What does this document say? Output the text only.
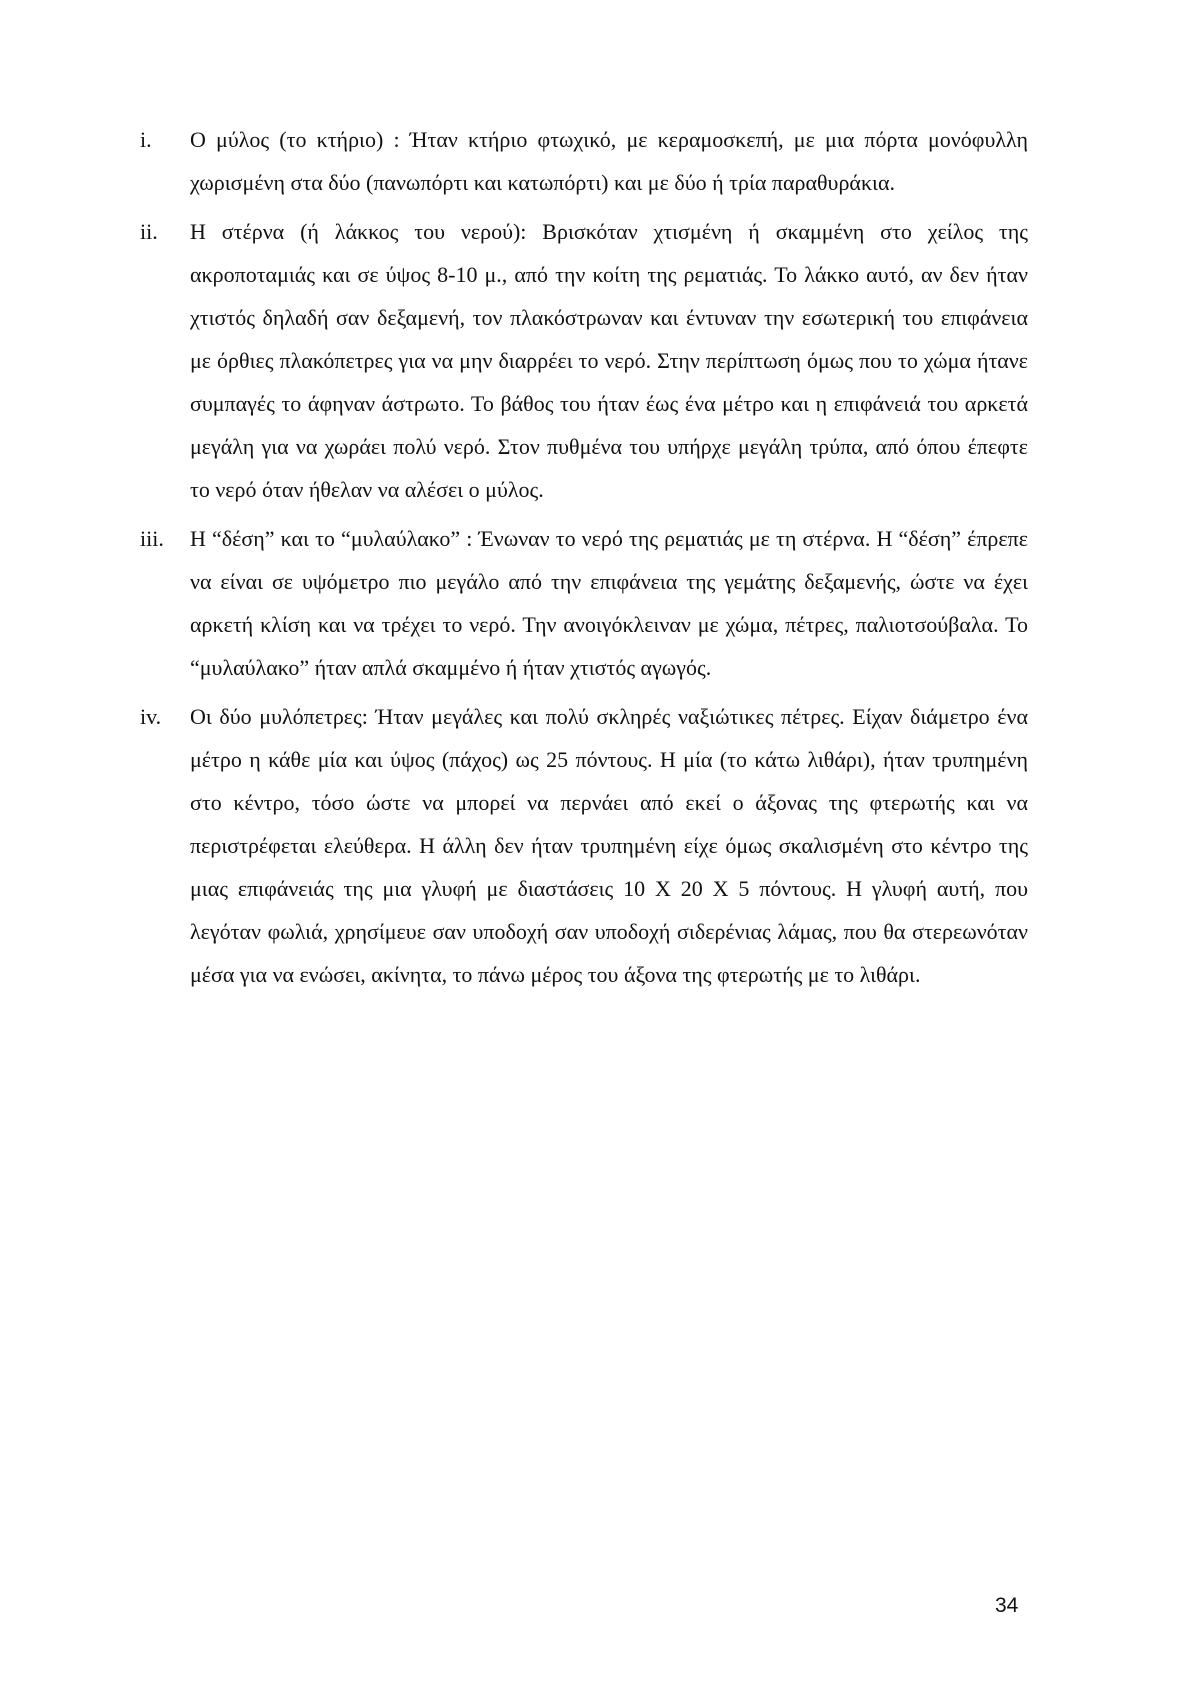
i. Ο μύλος (το κτήριο) : Ήταν κτήριο φτωχικό, με κεραμοσκεπή, με μια πόρτα μονόφυλλη χωρισμένη στα δύο (πανωπόρτι και κατωπόρτι) και με δύο ή τρία παραθυράκια.

ii. Η στέρνα (ή λάκκος του νερού): Βρισκόταν χτισμένη ή σκαμμένη στο χείλος της ακροποταμιάς και σε ύψος 8-10 μ., από την κοίτη της ρεματιάς. Το λάκκο αυτό, αν δεν ήταν χτιστός δηλαδή σαν δεξαμενή, τον πλακόστρωναν και έντυναν την εσωτερική του επιφάνεια με όρθιες πλακόπετρες για να μην διαρρέει το νερό. Στην περίπτωση όμως που το χώμα ήτανε συμπαγές το άφηναν άστρωτο. Το βάθος του ήταν έως ένα μέτρο και η επιφάνειά του αρκετά μεγάλη για να χωράει πολύ νερό. Στον πυθμένα του υπήρχε μεγάλη τρύπα, από όπου έπεφτε το νερό όταν ήθελαν να αλέσει ο μύλος.

iii. Η “δέση” και το “μυλαύλακο” : Ένωναν το νερό της ρεματιάς με τη στέρνα. Η “δέση” έπρεπε να είναι σε υψόμετρο πιο μεγάλο από την επιφάνεια της γεμάτης δεξαμενής, ώστε να έχει αρκετή κλίση και να τρέχει το νερό. Την ανοιγόκλειναν με χώμα, πέτρες, παλιοτσούβαλα. Το “μυλαύλακο” ήταν απλά σκαμμένο ή ήταν χτιστός αγωγός.

iv. Οι δύο μυλόπετρες: Ήταν μεγάλες και πολύ σκληρές ναξιώτικες πέτρες. Είχαν διάμετρο ένα μέτρο η κάθε μία και ύψος (πάχος) ως 25 πόντους. Η μία (το κάτω λιθάρι), ήταν τρυπημένη στο κέντρο, τόσο ώστε να μπορεί να περνάει από εκεί ο άξονας της φτερωτής και να περιστρέφεται ελεύθερα. Η άλλη δεν ήταν τρυπημένη είχε όμως σκαλισμένη στο κέντρο της μιας επιφάνειάς της μια γλυφή με διαστάσεις 10 Χ 20 Χ 5 πόντους. Η γλυφή αυτή, που λεγόταν φωλιά, χρησίμευε σαν υποδοχή σαν υποδοχή σιδερένιας λάμας, που θα στερεωνόταν μέσα για να ενώσει, ακίνητα, το πάνω μέρος του άξονα της φτερωτής με το λιθάρι.

34
